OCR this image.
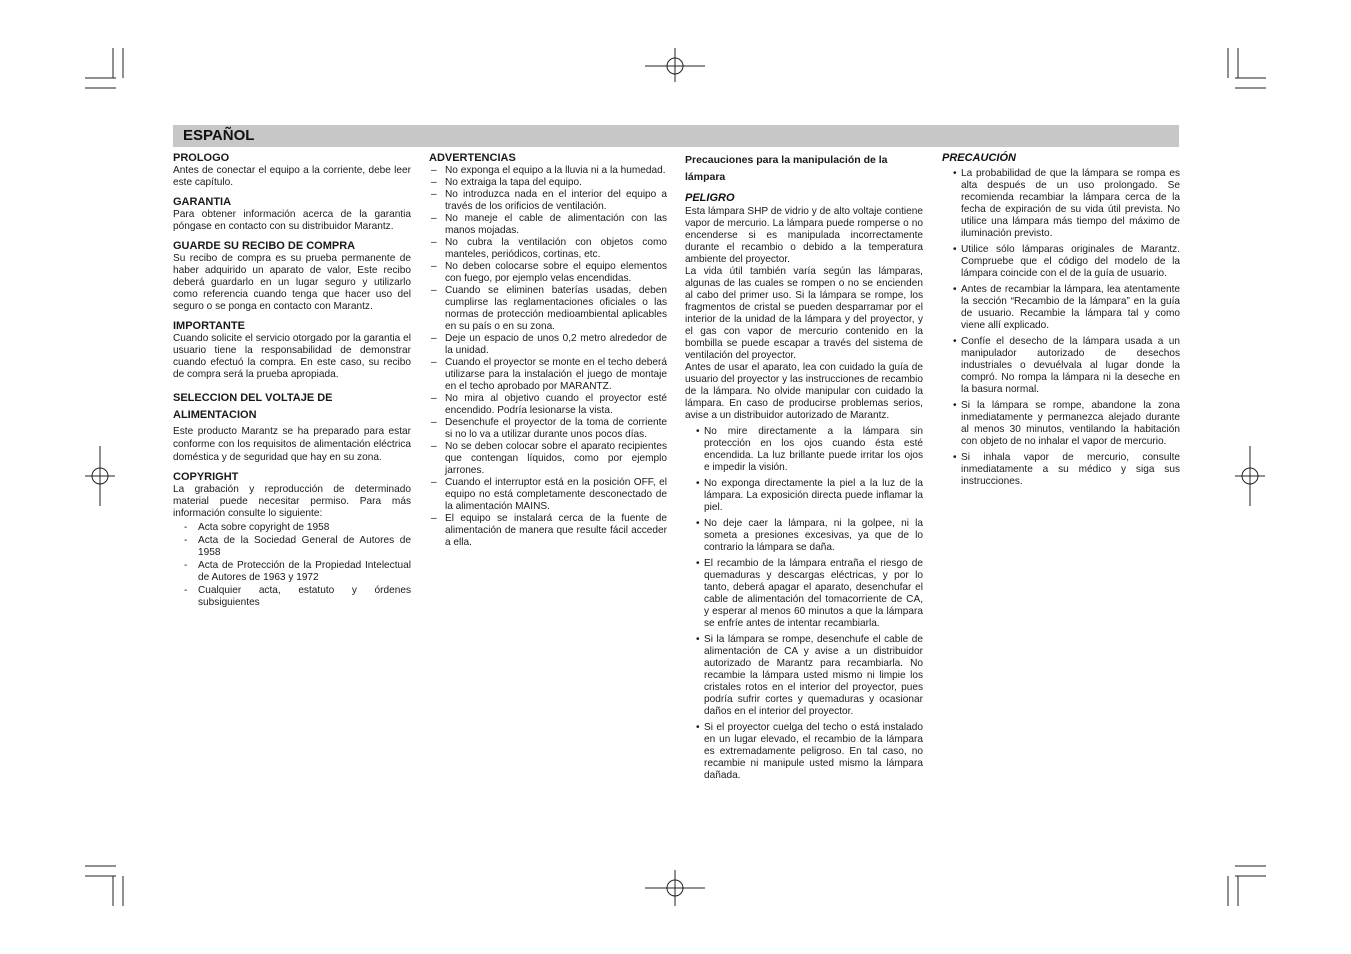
ESPAÑOL
PROLOGO

Antes de conectar el equipo a la corriente, debe leer este capítulo.

GARANTIA

Para obtener información acerca de la garantia póngase en contacto con su distribuidor Marantz.

GUARDE SU RECIBO DE COMPRA

Su recibo de compra es su prueba permanente de haber adquirido un aparato de valor, Este recibo deberá guardarlo en un lugar seguro y utilizarlo como referencia cuando tenga que hacer uso del seguro o se ponga en contacto con Marantz.

IMPORTANTE

Cuando solicite el servicio otorgado por la garantia el usuario tiene la responsabilidad de demonstrar cuando efectuó la compra. En este caso, su recibo de compra será la prueba apropiada.

SELECCION DEL VOLTAJE DE ALIMENTACION

Este producto Marantz se ha preparado para estar conforme con los requisitos de alimentación eléctrica doméstica y de seguridad que hay en su zona.

COPYRIGHT

La grabación y reproducción de determinado material puede necesitar permiso. Para más información consulte lo siguiente:

- Acta sobre copyright de 1958
- Acta de la Sociedad General de Autores de 1958
- Acta de Protección de la Propiedad Intelectual de Autores de 1963 y 1972
- Cualquier acta, estatuto y órdenes subsiguientes
ADVERTENCIAS
– No exponga el equipo a la lluvia ni a la humedad.
– No extraiga la tapa del equipo.
– No introduzca nada en el interior del equipo a través de los orificios de ventilación.
– No maneje el cable de alimentación con las manos mojadas.
– No cubra la ventilación con objetos como manteles, periódicos, cortinas, etc.
– No deben colocarse sobre el equipo elementos con fuego, por ejemplo velas encendidas.
– Cuando se eliminen baterías usadas, deben cumplirse las reglamentaciones oficiales o las normas de protección medioambiental aplicables en su país o en su zona.
– Deje un espacio de unos 0,2 metro alrededor de la unidad.
– Cuando el proyector se monte en el techo deberá utilizarse para la instalación el juego de montaje en el techo aprobado por MARANTZ.
– No mira al objetivo cuando el proyector esté encendido. Podría lesionarse la vista.
– Desenchufe el proyector de la toma de corriente si no lo va a utilizar durante unos pocos días.
– No se deben colocar sobre el aparato recipientes que contengan líquidos, como por ejemplo jarrones.
– Cuando el interruptor está en la posición OFF, el equipo no está completamente desconectado de la alimentación MAINS.
– El equipo se instalará cerca de la fuente de alimentación de manera que resulte fácil acceder a ella.
Precauciones para la manipulación de la lámpara
PELIGRO

Esta lámpara SHP de vidrio y de alto voltaje contiene vapor de mercurio. La lámpara puede romperse o no encenderse si es manipulada incorrectamente durante el recambio o debido a la temperatura ambiente del proyector.

La vida útil también varía según las lámparas, algunas de las cuales se rompen o no se encienden al cabo del primer uso. Si la lámpara se rompe, los fragmentos de cristal se pueden desparramar por el interior de la unidad de la lámpara y del proyector, y el gas con vapor de mercurio contenido en la bombilla se puede escapar a través del sistema de ventilación del proyector.

Antes de usar el aparato, lea con cuidado la guía de usuario del proyector y las instrucciones de recambio de la lámpara. No olvide manipular con cuidado la lámpara. En caso de producirse problemas serios, avise a un distribuidor autorizado de Marantz.

• No mire directamente a la lámpara sin protección en los ojos cuando ésta esté encendida. La luz brillante puede irritar los ojos e impedir la visión.
• No exponga directamente la piel a la luz de la lámpara. La exposición directa puede inflamar la piel.
• No deje caer la lámpara, ni la golpee, ni la someta a presiones excesivas, ya que de lo contrario la lámpara se daña.
• El recambio de la lámpara entraña el riesgo de quemaduras y descargas eléctricas, y por lo tanto, deberá apagar el aparato, desenchufar el cable de alimentación del tomacorriente de CA, y esperar al menos 60 minutos a que la lámpara se enfríe antes de intentar recambiarla.
• Si la lámpara se rompe, desenchufe el cable de alimentación de CA y avise a un distribuidor autorizado de Marantz para recambiarla. No recambie la lámpara usted mismo ni limpie los cristales rotos en el interior del proyector, pues podría sufrir cortes y quemaduras y ocasionar daños en el interior del proyector.
• Si el proyector cuelga del techo o está instalado en un lugar elevado, el recambio de la lámpara es extremadamente peligroso. En tal caso, no recambie ni manipule usted mismo la lámpara dañada.
PRECAUCIÓN
• La probabilidad de que la lámpara se rompa es alta después de un uso prolongado. Se recomienda recambiar la lámpara cerca de la fecha de expiración de su vida útil prevista. No utilice una lámpara más tiempo del máximo de iluminación previsto.
• Utilice sólo lámparas originales de Marantz. Compruebe que el código del modelo de la lámpara coincide con el de la guía de usuario.
• Antes de recambiar la lámpara, lea atentamente la sección “Recambio de la lámpara” en la guía de usuario. Recambie la lámpara tal y como viene allí explicado.
• Confíe el desecho de la lámpara usada a un manipulador autorizado de desechos industriales o devuélvala al lugar donde la compró. No rompa la lámpara ni la deseche en la basura normal.
• Si la lámpara se rompe, abandone la zona inmediatamente y permanezca alejado durante al menos 30 minutos, ventilando la habitación con objeto de no inhalar el vapor de mercurio.
• Si inhala vapor de mercurio, consulte inmediatamente a su médico y siga sus instrucciones.
